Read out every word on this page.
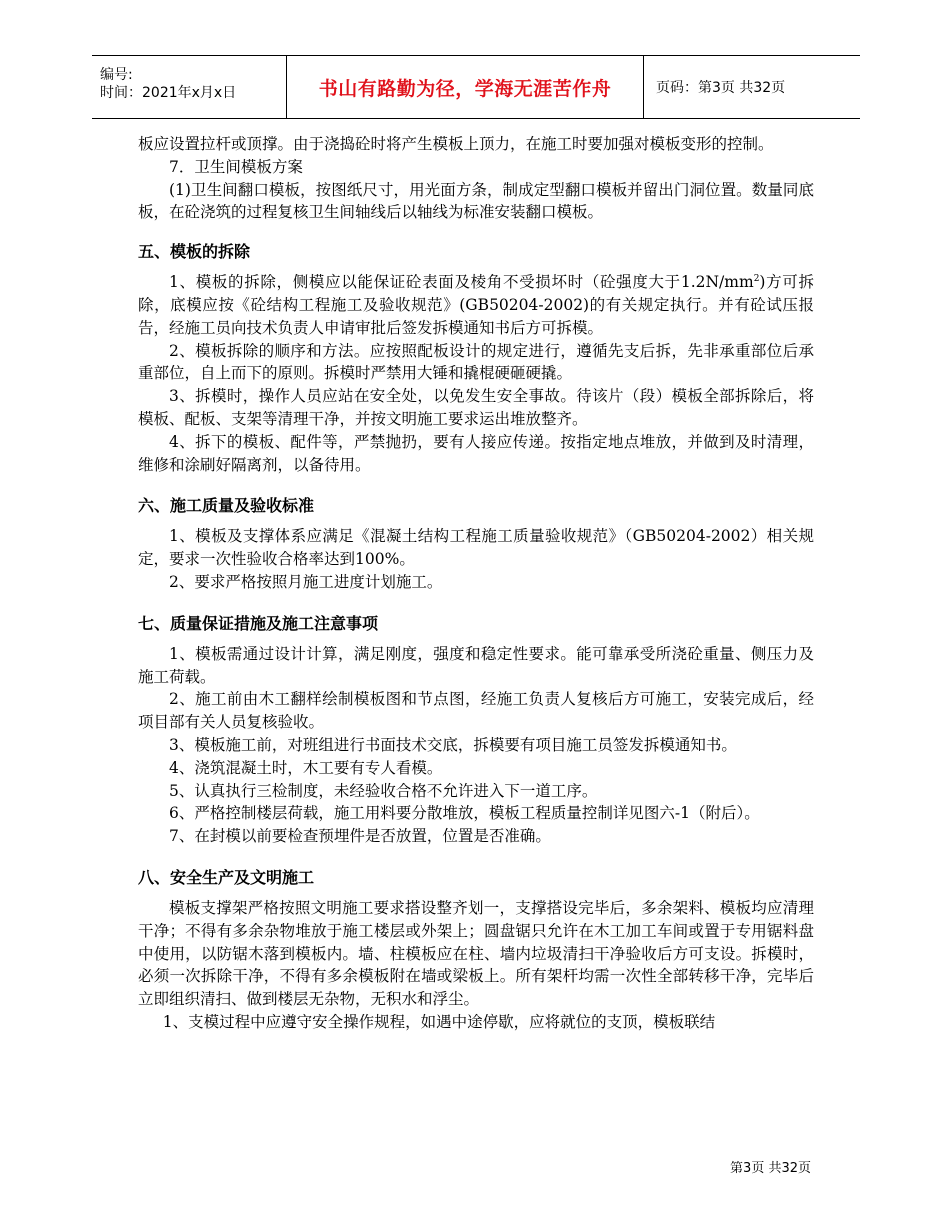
编号:
时间：2021年x月x日	书山有路勤为径，学海无涯苦作舟	页码：第3页 共32页

板应设置拉杆或顶撑。由于浇捣砼时将产生模板上顶力，在施工时要加强对模板变形的控制。

7．卫生间模板方案

(1)卫生间翻口模板，按图纸尺寸，用光面方条，制成定型翻口模板并留出门洞位置。数量同底板，在砼浇筑的过程复核卫生间轴线后以轴线为标准安装翻口模板。

五、模板的拆除

1、模板的拆除，侧模应以能保证砼表面及棱角不受损坏时（砼强度大于$1.2N/mm^2$)方可拆除，底模应按《砼结构工程施工及验收规范》(GB50204-2002)的有关规定执行。并有砼试压报告，经施工员向技术负责人申请审批后签发拆模通知书后方可拆模。

2、模板拆除的顺序和方法。应按照配板设计的规定进行，遵循先支后拆，先非承重部位后承重部位，自上而下的原则。拆模时严禁用大锤和撬棍硬砸硬撬。

3、拆模时，操作人员应站在安全处，以免发生安全事故。待该片（段）模板全部拆除后，将模板、配板、支架等清理干净，并按文明施工要求运出堆放整齐。

4、拆下的模板、配件等，严禁抛扔，要有人接应传递。按指定地点堆放，并做到及时清理，维修和涂刷好隔离剂，以备待用。

六、施工质量及验收标准

1、模板及支撑体系应满足《混凝土结构工程施工质量验收规范》（GB50204-2002）相关规定，要求一次性验收合格率达到100%。

2、要求严格按照月施工进度计划施工。

七、质量保证措施及施工注意事项

1、模板需通过设计计算，满足刚度，强度和稳定性要求。能可靠承受所浇砼重量、侧压力及施工荷载。

2、施工前由木工翻样绘制模板图和节点图，经施工负责人复核后方可施工，安装完成后，经项目部有关人员复核验收。

3、模板施工前，对班组进行书面技术交底，拆模要有项目施工员签发拆模通知书。

4、浇筑混凝土时，木工要有专人看模。

5、认真执行三检制度，未经验收合格不允许进入下一道工序。

6、严格控制楼层荷载，施工用料要分散堆放，模板工程质量控制详见图六-1（附后）。

7、在封模以前要检查预埋件是否放置，位置是否准确。

八、安全生产及文明施工

模板支撑架严格按照文明施工要求搭设整齐划一，支撑搭设完毕后，多余架料、模板均应清理干净；不得有多余杂物堆放于施工楼层或外架上；圆盘锯只允许在木工加工车间或置于专用锯料盘中使用，以防锯木落到模板内。墙、柱模板应在柱、墙内垃圾清扫干净验收后方可支设。拆模时，必须一次拆除干净，不得有多余模板附在墙或梁板上。所有架杆均需一次性全部转移干净，完毕后立即组织清扫、做到楼层无杂物，无积水和浮尘。

1、支模过程中应遵守安全操作规程，如遇中途停歇，应将就位的支顶，模板联结

第3页 共32页
